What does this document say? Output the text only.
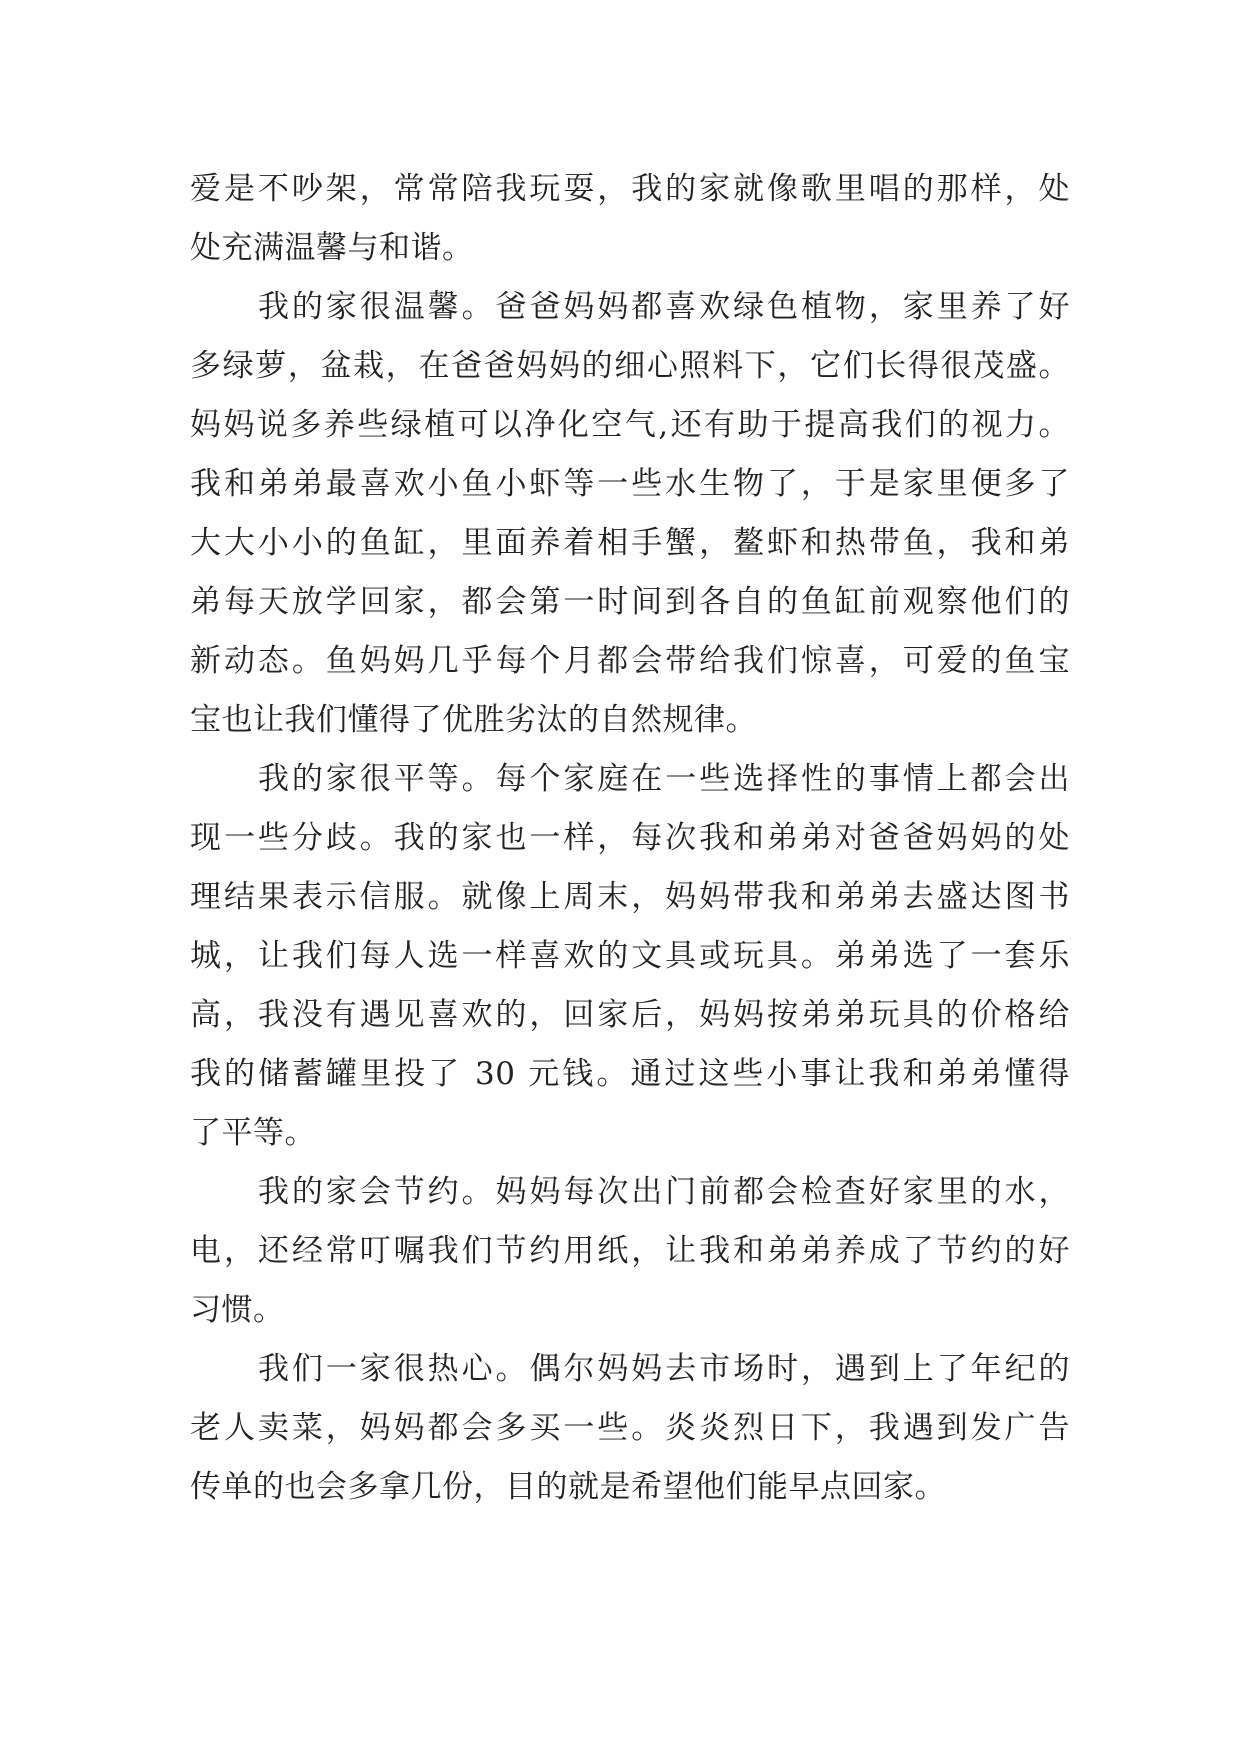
爱是不吵架，常常陪我玩耍，我的家就像歌里唱的那样，处
处充满温馨与和谐。
我的家很温馨。爸爸妈妈都喜欢绿色植物，家里养了好
多绿萝，盆栽，在爸爸妈妈的细心照料下，它们长得很茂盛。
妈妈说多养些绿植可以净化空气,还有助于提高我们的视力。
我和弟弟最喜欢小鱼小虾等一些水生物了，于是家里便多了
大大小小的鱼缸，里面养着相手蟹，鳌虾和热带鱼，我和弟
弟每天放学回家，都会第一时间到各自的鱼缸前观察他们的
新动态。鱼妈妈几乎每个月都会带给我们惊喜，可爱的鱼宝
宝也让我们懂得了优胜劣汰的自然规律。
我的家很平等。每个家庭在一些选择性的事情上都会出
现一些分歧。我的家也一样，每次我和弟弟对爸爸妈妈的处
理结果表示信服。就像上周末，妈妈带我和弟弟去盛达图书
城，让我们每人选一样喜欢的文具或玩具。弟弟选了一套乐
高，我没有遇见喜欢的，回家后，妈妈按弟弟玩具的价格给
我的储蓄罐里投了 30 元钱。通过这些小事让我和弟弟懂得
了平等。
我的家会节约。妈妈每次出门前都会检查好家里的水，
电，还经常叮嘱我们节约用纸，让我和弟弟养成了节约的好
习惯。
我们一家很热心。偶尔妈妈去市场时，遇到上了年纪的
老人卖菜，妈妈都会多买一些。炎炎烈日下，我遇到发广告
传单的也会多拿几份，目的就是希望他们能早点回家。
